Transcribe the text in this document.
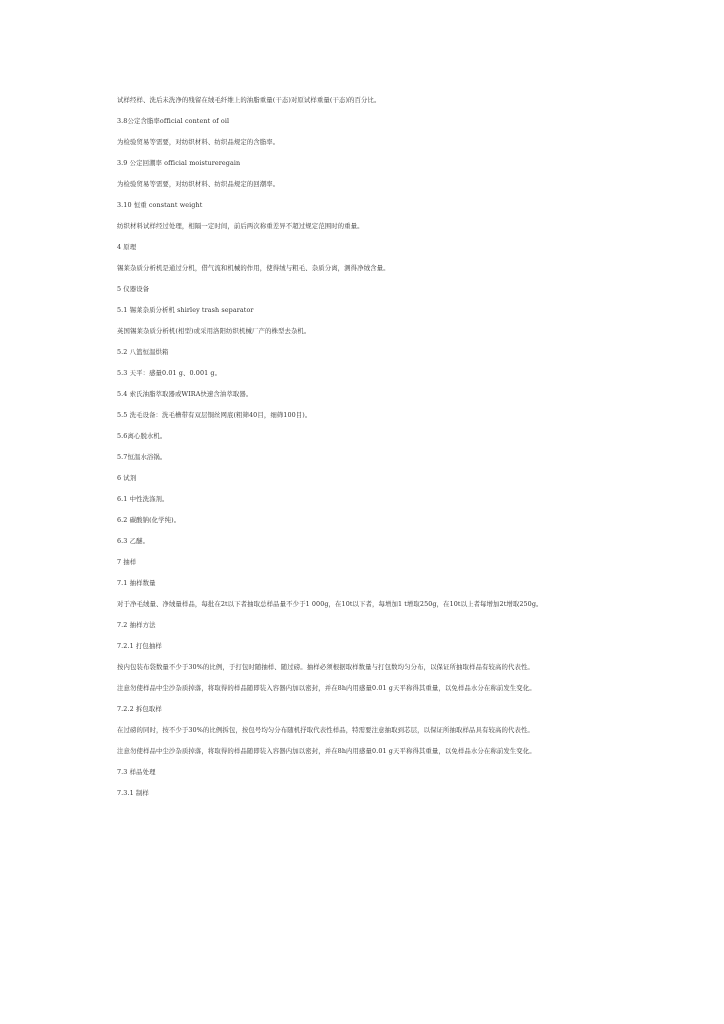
试样经样、洗后未洗净的残留在绒毛纤维上的油脂重量(干态)对原试样重量(干态)的百分比。
3.8公定含脂率official content of oil
为检验贸易等需要，对纺织材料、纺织品规定的含脂率。
3.9 公定回潮率 official moistureregain
为检验贸易等需要，对纺织材料、纺织品规定的回潮率。
3.10 恒重 constant weight
纺织材料试样经过处理，相隔一定时间，前后两次称重差异不超过规定范围时的重量。
4 原理
锡莱杂质分析机是通过分机，借气流和机械的作用，使得绒与粗毛、杂质分离，测得净绒含量。
5 仪器设备
5.1 锡莱杂质分析机 shirley trash separator
英国锡莱杂质分析机(相型)或采用洛阳纺织机械厂产的株型去杂机。
5.2 八篮恒温烘箱
5.3 天平：感量0.01 g、0.001 g。
5.4 索氏油脂萃取器或WIRA快速含油萃取器。
5.5 洗毛设备：洗毛槽带有双层铜丝网底(粗筛40目，细筛100目)。
5.6离心脱水机。
5.7恒温水浴锅。
6 试剂
6.1 中性洗涤剂。
6.2 碳酸钠(化学纯)。
6.3 乙醚。
7 抽样
7.1 抽样数量
对于净毛绒量、净绒量样品，每批在2t以下者抽取总样品量不少于1 000g，在10t以下者，每增加1 t增取250g，在10t以上者每增加2t增取250g。
7.2 抽样方法
7.2.1 打包抽样
按内包装布袋数量不少于30%的比例，于打包时随抽样、随过磅。抽样必须根据取样数量与打包数均匀分布，以保证所抽取样品有较高的代表性。
注意勿使样品中尘沙杂质掉落，将取得的样品随即装入容器内加以密封，并在8h内用感量0.01 g天平称得其重量，以免样品水分在称前发生变化。
7.2.2 拆包取样
在过磅的同时，按不少于30%的比例拆包，按包号均匀分布随机抒取代表性样品，特需要注意抽取到芯层，以保证所抽取样品具有较高的代表性。
注意勿使样品中尘沙杂质掉落，将取得的样品随即装入容器内加以密封，并在8h内用感量0.01 g天平称得其重量，以免样品水分在称前发生变化。
7.3 样品处理
7.3.1 制样
